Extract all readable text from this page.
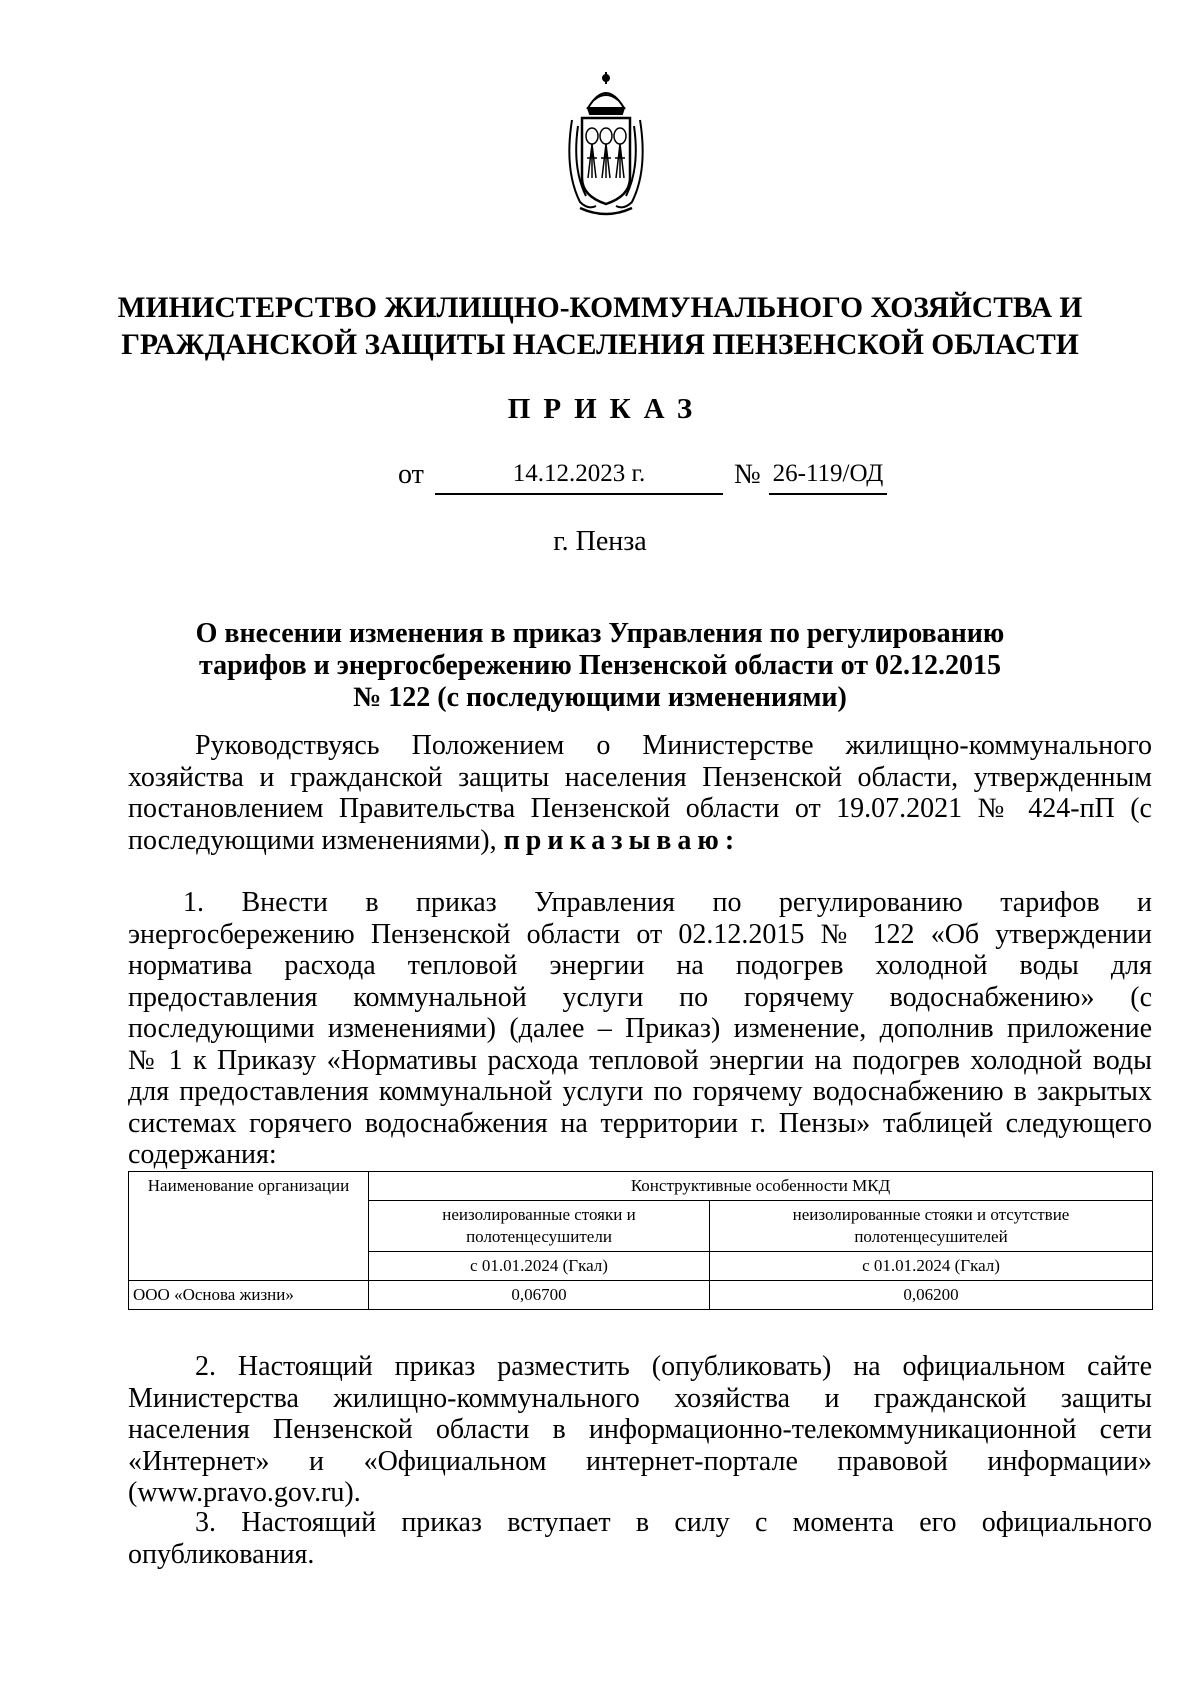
МИНИСТЕРСТВО ЖИЛИЩНО-КОММУНАЛЬНОГО ХОЗЯЙСТВА И
ГРАЖДАНСКОЙ ЗАЩИТЫ НАСЕЛЕНИЯ ПЕНЗЕНСКОЙ ОБЛАСТИ
ПРИКАЗ
от	14.12.2023 г.	№ 26-119/ОД
г. Пенза
О внесении изменения в приказ Управления по регулированию
тарифов и энергосбережению Пензенской области от 02.12.2015
№ 122 (с последующими изменениями)
Руководствуясь Положением о Министерстве жилищно-коммунального
хозяйства и гражданской защиты населения Пензенской области, утвержденным
постановлением Правительства Пензенской области от 19.07.2021 № 424-пП (с
последующими изменениями), приказываю:
1. Внести в приказ Управления по регулированию тарифов и
энергосбережению Пензенской области от 02.12.2015 № 122 «Об утверждении
норматива расхода тепловой энергии на подогрев холодной воды для
предоставления коммунальной услуги по горячему водоснабжению» (с
последующими изменениями) (далее – Приказ) изменение, дополнив приложение
№ 1 к Приказу «Нормативы расхода тепловой энергии на подогрев холодной воды
для предоставления коммунальной услуги по горячему водоснабжению в закрытых
системах горячего водоснабжения на территории г. Пензы» таблицей следующего
содержания:
Наименование организации	Конструктивные особенности МКД	
	неизолированные стояки и полотенцесушители	неизолированные стояки и отсутствие полотенцесушителей
	с 01.01.2024 (Гкал)	с 01.01.2024 (Гкал)
ООО «Основа жизни»	0,06700	0,06200
2. Настоящий приказ разместить (опубликовать) на официальном сайте
Министерства жилищно-коммунального хозяйства и гражданской защиты
населения Пензенской области в информационно-телекоммуникационной сети
«Интернет» и «Официальном интернет-портале правовой информации»
(www.pravo.gov.ru).
3. Настоящий приказ вступает в силу с момента его официального
опубликования.
